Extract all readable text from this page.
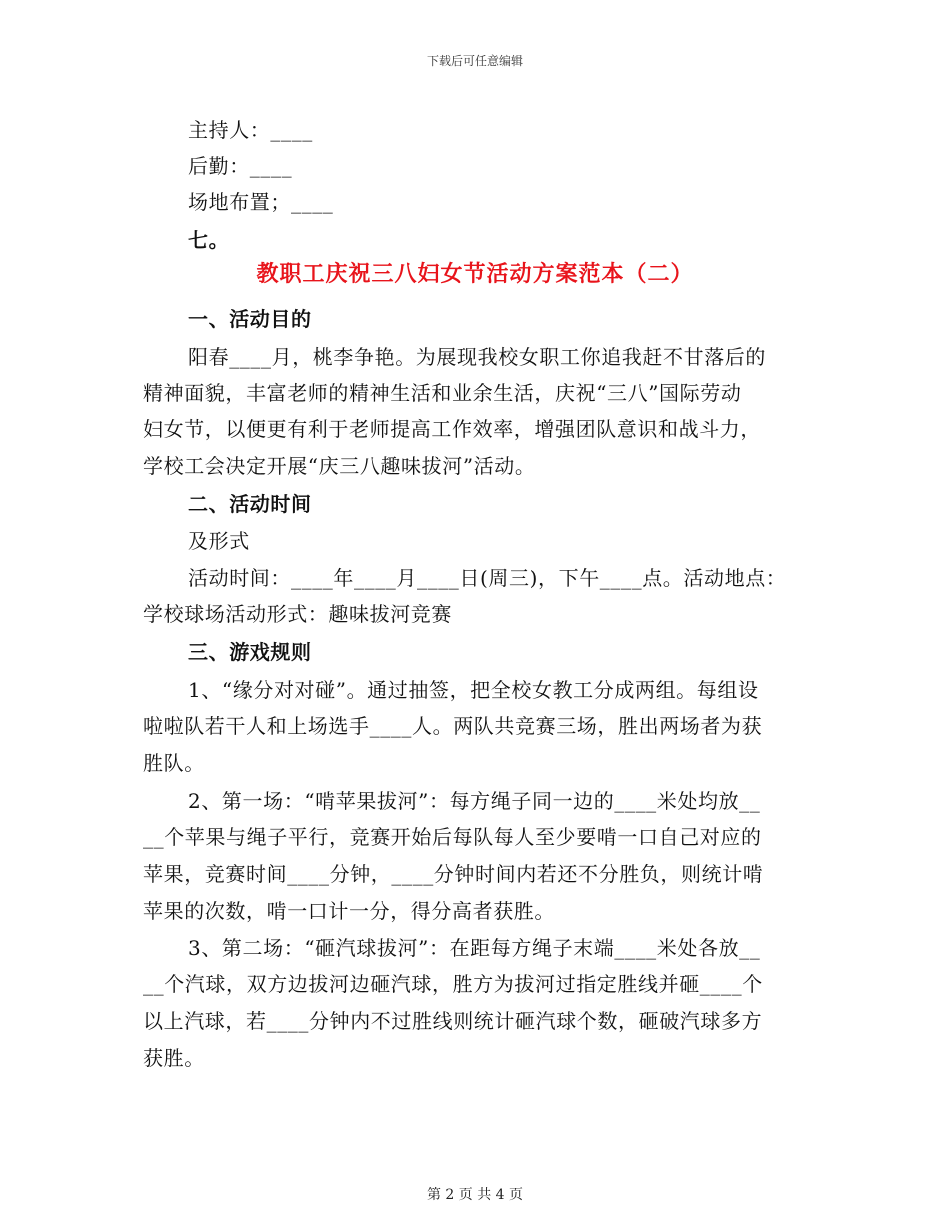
下载后可任意编辑
主持人：____
后勤：____
场地布置；____
七。
教职工庆祝三八妇女节活动方案范本（二）
一、活动目的
阳春____月，桃李争艳。为展现我校女职工你追我赶不甘落后的
精神面貌，丰富老师的精神生活和业余生活，庆祝“三八”国际劳动
妇女节，以便更有利于老师提高工作效率，增强团队意识和战斗力，
学校工会决定开展“庆三八趣味拔河”活动。
二、活动时间
及形式
活动时间：____年____月____日(周三)，下午____点。活动地点：
学校球场活动形式：趣味拔河竞赛
三、游戏规则
1、“缘分对对碰”。通过抽签，把全校女教工分成两组。每组设
啦啦队若干人和上场选手____人。两队共竞赛三场，胜出两场者为获
胜队。
2、第一场：“啃苹果拔河”：每方绳子同一边的____米处均放__
__个苹果与绳子平行，竞赛开始后每队每人至少要啃一口自己对应的
苹果，竞赛时间____分钟，____分钟时间内若还不分胜负，则统计啃
苹果的次数，啃一口计一分，得分高者获胜。
3、第二场：“砸汽球拔河”：在距每方绳子末端____米处各放__
__个汽球，双方边拔河边砸汽球，胜方为拔河过指定胜线并砸____个
以上汽球，若____分钟内不过胜线则统计砸汽球个数，砸破汽球多方
获胜。
第 2 页 共 4 页
